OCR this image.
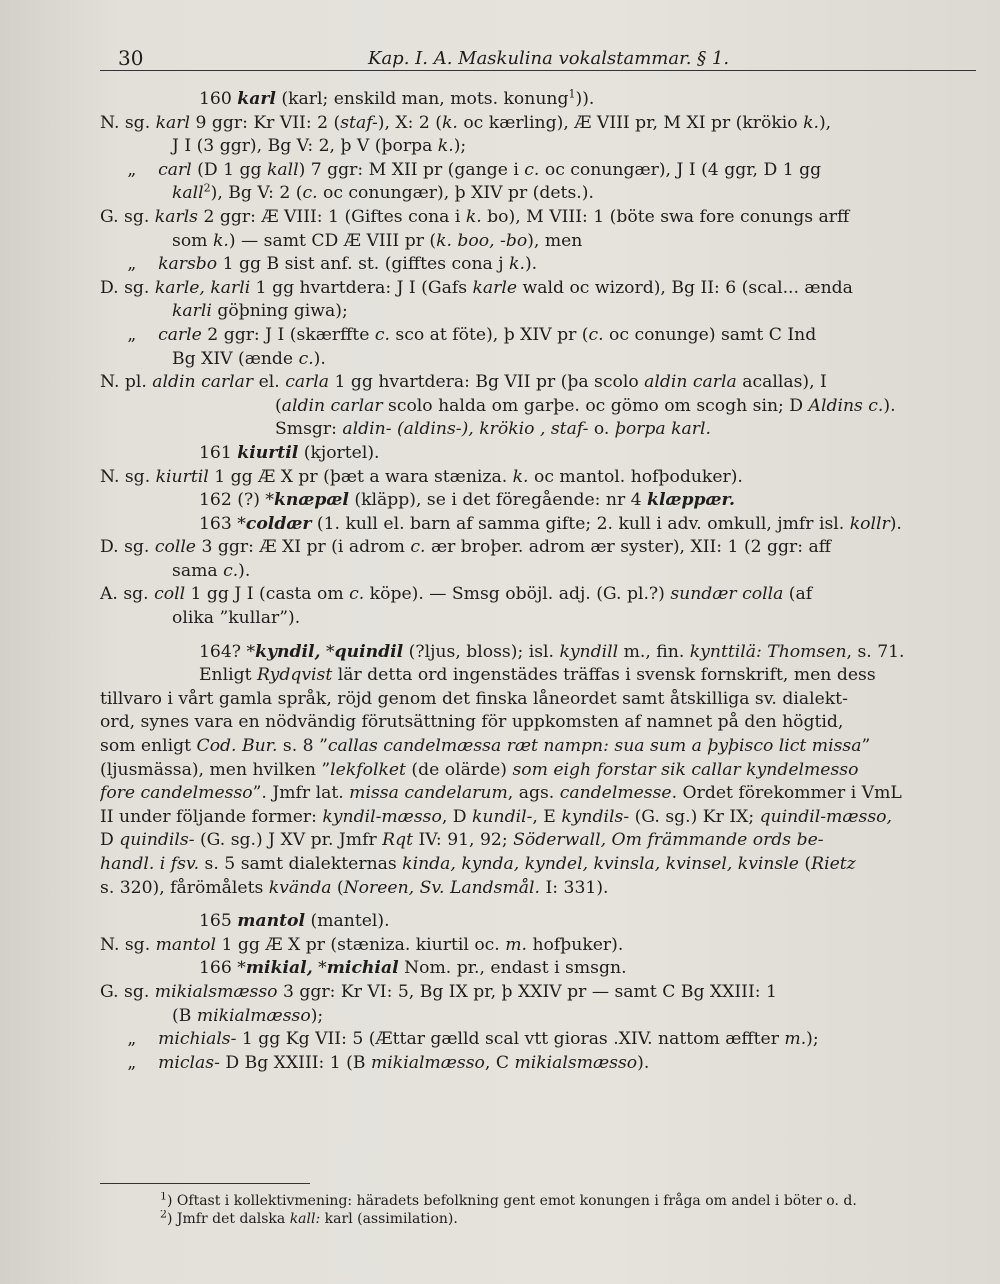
30	Kap. I. A. Maskulina vokalstammar. § 1.
160 karl (karl; enskild man, mots. konung$^1$)).
N. sg. karl 9 ggr: Kr VII: 2 (staf-), X: 2 (k. oc kærling), Æ VIII pr, M XI pr (krökio k.),
J I (3 ggr), Bg V: 2, þ V (þorpa k.);
„    carl (D 1 gg kall) 7 ggr: M XII pr (gange i c. oc conungær), J I (4 ggr, D 1 gg
kall$^2$), Bg V: 2 (c. oc conungær), þ XIV pr (dets.).
G. sg. karls 2 ggr: Æ VIII: 1 (Giftes cona i k. bo), M VIII: 1 (böte swa fore conungs arff
som k.) — samt CD Æ VIII pr (k. boo, -bo), men
„    karsbo 1 gg B sist anf. st. (gifftes cona j k.).
D. sg. karle, karli 1 gg hvartdera: J I (Gafs karle wald oc wizord), Bg II: 6 (scal... ænda
karli göþning giwa);
„    carle 2 ggr: J I (skærffte c. sco at föte), þ XIV pr (c. oc conunge) samt C Ind
Bg XIV (ænde c.).
N. pl. aldin carlar el. carla 1 gg hvartdera: Bg VII pr (þa scolo aldin carla acallas), I
(aldin carlar scolo halda om garþe. oc gömo om scogh sin; D Aldins c.).
Smsgr: aldin- (aldins-), krökio , staf- o. þorpa karl.
161 kiurtil (kjortel).
N. sg. kiurtil 1 gg Æ X pr (þæt a wara stæniza. k. oc mantol. hofþoduker).
162 (?) *knæpæl (kläpp), se i det föregående: nr 4 klæppær.
163 *coldær (1. kull el. barn af samma gifte; 2. kull i adv. omkull, jmfr isl. kollr).
D. sg. colle 3 ggr: Æ XI pr (i adrom c. ær broþer. adrom ær syster), XII: 1 (2 ggr: aff
sama c.).
A. sg. coll 1 gg J I (casta om c. köpe). — Smsg oböjl. adj. (G. pl.?) sundær colla (af
olika ”kullar”).
164? *kyndil, *quindil (?ljus, bloss); isl. kyndill m., fin. kynttilä: Thomsen, s. 71.
Enligt Rydqvist lär detta ord ingenstädes träffas i svensk fornskrift, men dess
tillvaro i vårt gamla språk, röjd genom det finska låneordet samt åtskilliga sv. dialekt-
ord, synes vara en nödvändig förutsättning för uppkomsten af namnet på den högtid,
som enligt Cod. Bur. s. 8 ”callas candelmæssa ræt nampn: sua sum a þyþisco lict missa”
(ljusmässa), men hvilken ”lekfolket (de olärde) som eigh forstar sik callar kyndelmesso
fore candelmesso”. Jmfr lat. missa candelarum, ags. candelmesse. Ordet förekommer i VmL
II under följande former: kyndil-mæsso, D kundil-, E kyndils- (G. sg.) Kr IX; quindil-mæsso,
D quindils- (G. sg.) J XV pr. Jmfr Rqt IV: 91, 92; Söderwall, Om främmande ords be-
handl. i fsv. s. 5 samt dialekternas kinda, kynda, kyndel, kvinsla, kvinsel, kvinsle (Rietz
s. 320), fårömålets kvända (Noreen, Sv. Landsmål. I: 331).
165 mantol (mantel).
N. sg. mantol 1 gg Æ X pr (stæniza. kiurtil oc. m. hofþuker).
166 *mikial, *michial Nom. pr., endast i smsgn.
G. sg. mikialsmæsso 3 ggr: Kr VI: 5, Bg IX pr, þ XXIV pr — samt C Bg XXIII: 1
(B mikialmæsso);
„    michials- 1 gg Kg VII: 5 (Ættar gælld scal vtt gioras .XIV. nattom æffter m.);
„    miclas- D Bg XXIII: 1 (B mikialmæsso, C mikialsmæsso).
$^1$) Oftast i kollektivmening: häradets befolkning gent emot konungen i fråga om andel i böter o. d.
$^2$) Jmfr det dalska kall: karl (assimilation).
